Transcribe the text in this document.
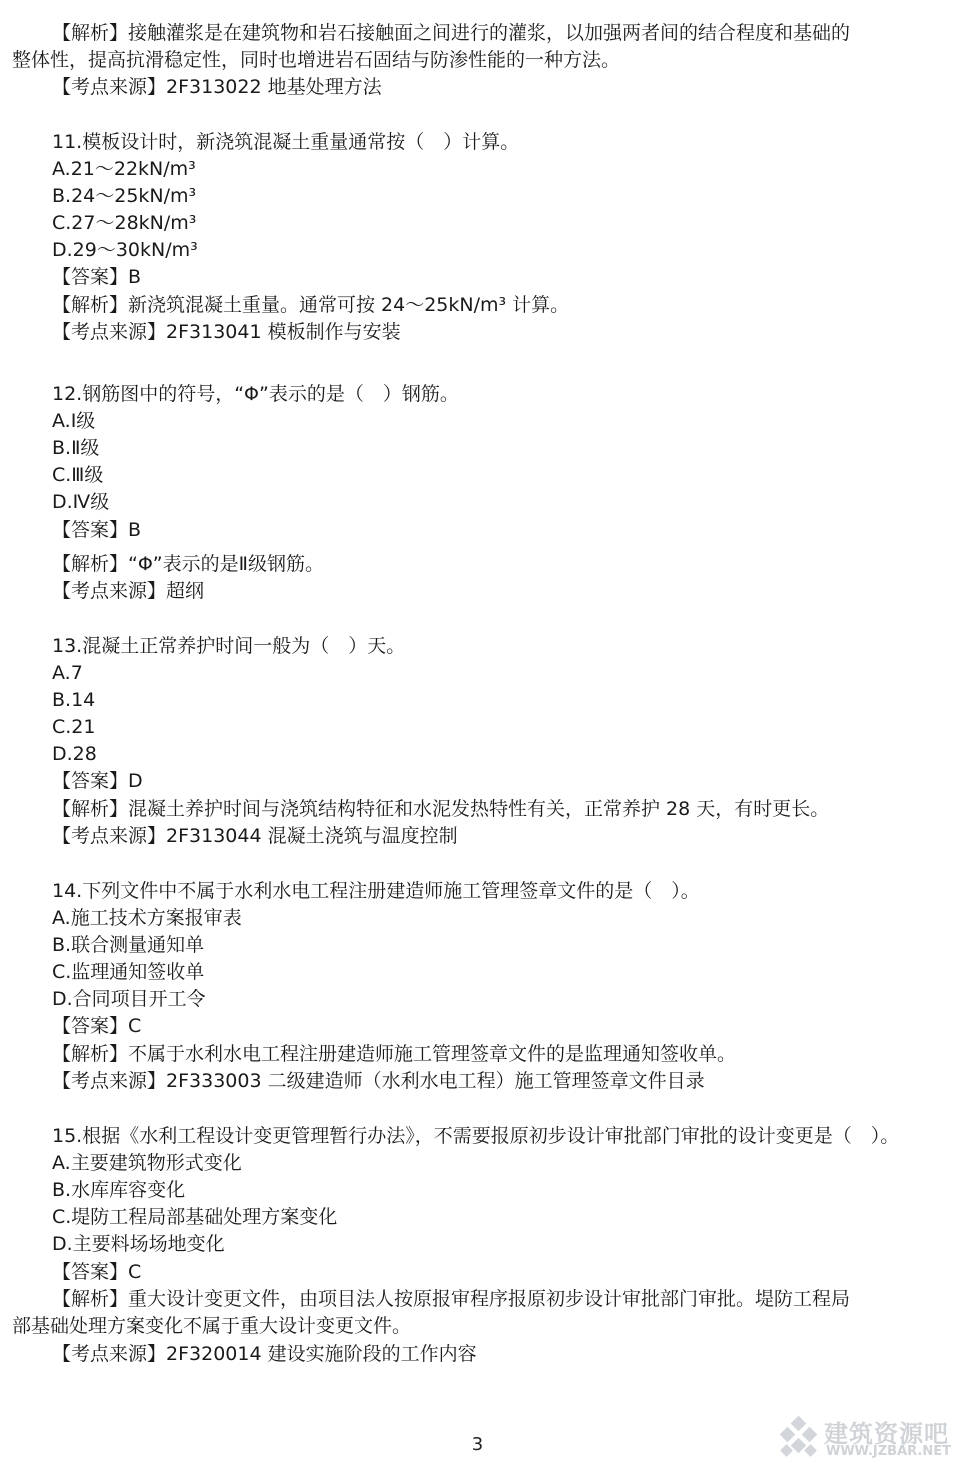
【解析】接触灌浆是在建筑物和岩石接触面之间进行的灌浆，以加强两者间的结合程度和基础的
整体性，提高抗滑稳定性，同时也增进岩石固结与防渗性能的一种方法。
【考点来源】2F313022 地基处理方法
11.模板设计时，新浇筑混凝土重量通常按（　）计算。
A.21～22kN/m³
B.24～25kN/m³
C.27～28kN/m³
D.29～30kN/m³
【答案】B
【解析】新浇筑混凝土重量。通常可按 24～25kN/m³ 计算。
【考点来源】2F313041 模板制作与安装
12.钢筋图中的符号，“Φ”表示的是（　）钢筋。
A.Ⅰ级
B.Ⅱ级
C.Ⅲ级
D.Ⅳ级
【答案】B
【解析】“Φ”表示的是Ⅱ级钢筋。
【考点来源】超纲
13.混凝土正常养护时间一般为（　）天。
A.7
B.14
C.21
D.28
【答案】D
【解析】混凝土养护时间与浇筑结构特征和水泥发热特性有关，正常养护 28 天，有时更长。
【考点来源】2F313044 混凝土浇筑与温度控制
14.下列文件中不属于水利水电工程注册建造师施工管理签章文件的是（　）。
A.施工技术方案报审表
B.联合测量通知单
C.监理通知签收单
D.合同项目开工令
【答案】C
【解析】不属于水利水电工程注册建造师施工管理签章文件的是监理通知签收单。
【考点来源】2F333003 二级建造师（水利水电工程）施工管理签章文件目录
15.根据《水利工程设计变更管理暂行办法》，不需要报原初步设计审批部门审批的设计变更是（　）。
A.主要建筑物形式变化
B.水库库容变化
C.堤防工程局部基础处理方案变化
D.主要料场场地变化
【答案】C
【解析】重大设计变更文件，由项目法人按原报审程序报原初步设计审批部门审批。堤防工程局
部基础处理方案变化不属于重大设计变更文件。
【考点来源】2F320014 建设实施阶段的工作内容
3	建筑资源吧
WWW.JZBAR.NET
